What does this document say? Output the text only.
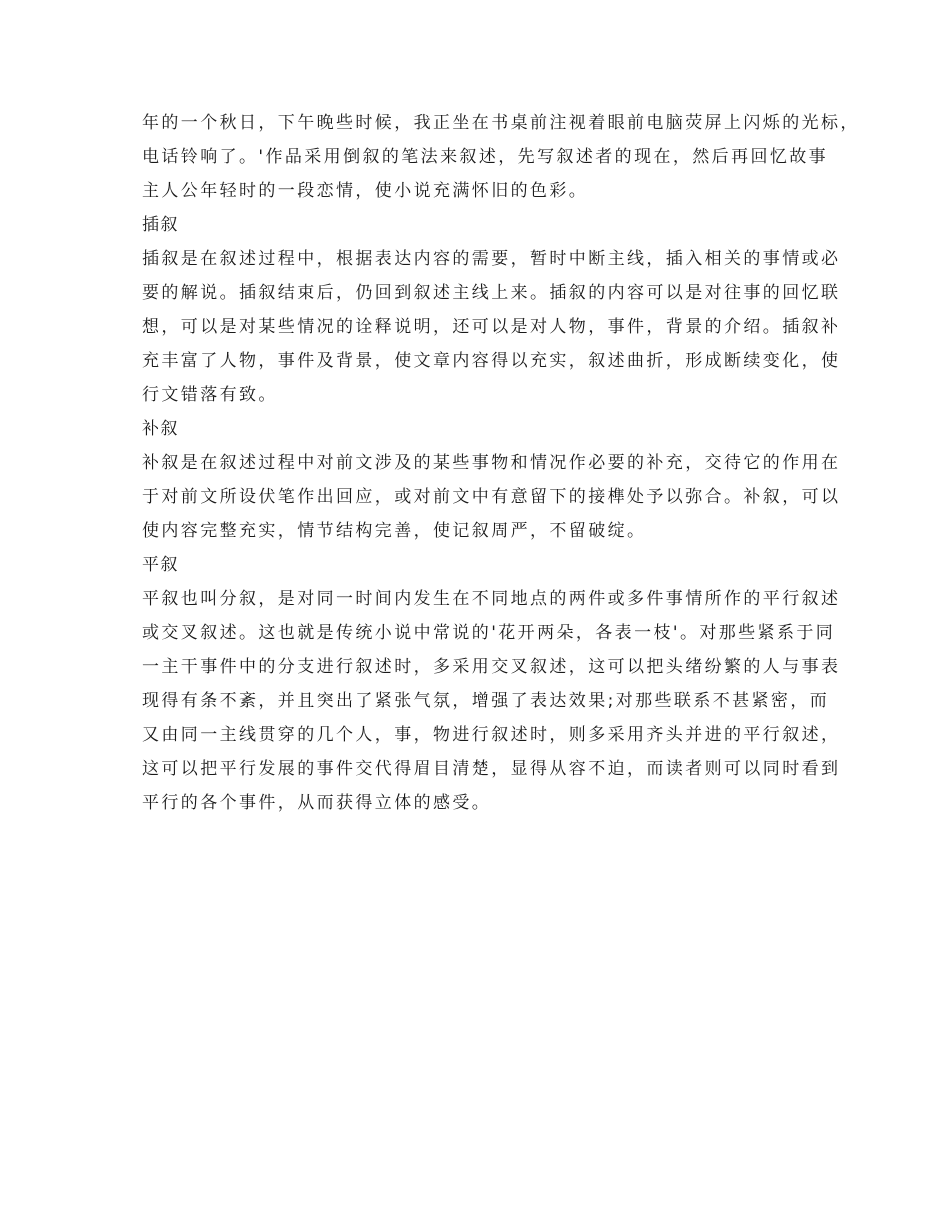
年的一个秋日，下午晚些时候，我正坐在书桌前注视着眼前电脑荧屏上闪烁的光标，
电话铃响了。'作品采用倒叙的笔法来叙述，先写叙述者的现在，然后再回忆故事
主人公年轻时的一段恋情，使小说充满怀旧的色彩。
插叙
插叙是在叙述过程中，根据表达内容的需要，暂时中断主线，插入相关的事情或必
要的解说。插叙结束后，仍回到叙述主线上来。插叙的内容可以是对往事的回忆联
想，可以是对某些情况的诠释说明，还可以是对人物，事件，背景的介绍。插叙补
充丰富了人物，事件及背景，使文章内容得以充实，叙述曲折，形成断续变化，使
行文错落有致。
补叙
补叙是在叙述过程中对前文涉及的某些事物和情况作必要的补充，交待它的作用在
于对前文所设伏笔作出回应，或对前文中有意留下的接榫处予以弥合。补叙，可以
使内容完整充实，情节结构完善，使记叙周严，不留破绽。
平叙
平叙也叫分叙，是对同一时间内发生在不同地点的两件或多件事情所作的平行叙述
或交叉叙述。这也就是传统小说中常说的'花开两朵，各表一枝'。对那些紧系于同
一主干事件中的分支进行叙述时，多采用交叉叙述，这可以把头绪纷繁的人与事表
现得有条不紊，并且突出了紧张气氛，增强了表达效果;对那些联系不甚紧密，而
又由同一主线贯穿的几个人，事，物进行叙述时，则多采用齐头并进的平行叙述，
这可以把平行发展的事件交代得眉目清楚，显得从容不迫，而读者则可以同时看到
平行的各个事件，从而获得立体的感受。
